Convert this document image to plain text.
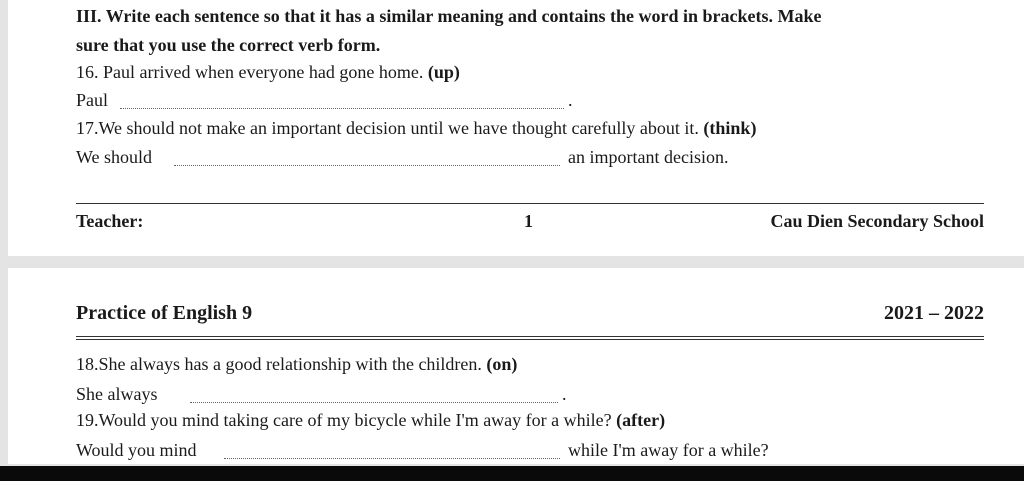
III. Write each sentence so that it has a similar meaning and contains the word in brackets. Make
sure that you use the correct verb form.
16. Paul arrived when everyone had gone home. (up)
Paul	.
17.We should not make an important decision until we have thought carefully about it. (think)
We should	an important decision.
Teacher:	1	Cau Dien Secondary School
Practice of English 9	2021 – 2022
18.She always has a good relationship with the children. (on)
She always	.
19.Would you mind taking care of my bicycle while I'm away for a while? (after)
Would you mind	while I'm away for a while?
